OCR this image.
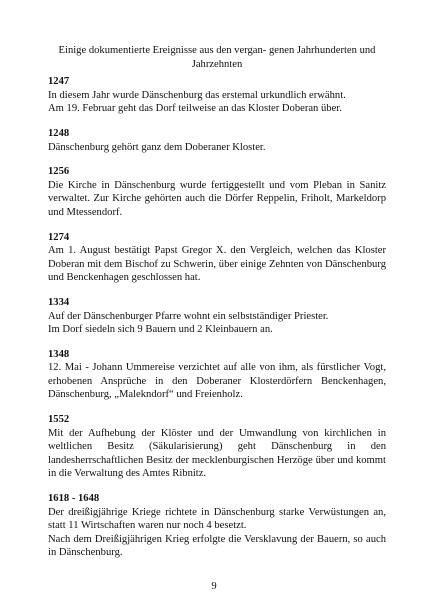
Einige dokumentierte Ereignisse aus den vergan- genen Jahrhunderten und Jahrzehnten
1247
In diesem Jahr wurde Dänschenburg das erstemal urkundlich erwähnt.
Am 19. Februar geht das Dorf teilweise an das Kloster Doberan über.
1248
Dänschenburg gehört ganz dem Doberaner Kloster.
1256
Die Kirche in Dänschenburg wurde fertiggestellt und vom Pleban in Sanitz verwaltet. Zur Kirche gehörten auch die Dörfer Reppelin, Friholt, Markeldorp und Mtessendorf.
1274
Am 1. August bestätigt Papst Gregor X. den Vergleich, welchen das Kloster Doberan mit dem Bischof zu Schwerin, über einige Zehnten von Dänschenburg und Benckenhagen geschlossen hat.
1334
Auf der Dänschenburger Pfarre wohnt ein selbstständiger Priester.
Im Dorf siedeln sich 9 Bauern und 2 Kleinbauern an.
1348
12. Mai - Johann Ummereise verzichtet auf alle von ihm, als fürstlicher Vogt, erhobenen Ansprüche in den Doberaner Klosterdörfern Benckenhagen, Dänschenburg, „Malekndorf“ und Freienholz.
1552
Mit der Aufhebung der Klöster und der Umwandlung von kirchlichen in weltlichen Besitz (Säkularisierung) geht Dänschenburg in den landesherrschaftlichen Besitz der mecklenburgischen Herzöge über und kommt in die Verwaltung des Amtes Ribnitz.
1618 - 1648
Der dreißigjährige Kriege richtete in Dänschenburg starke Verwüstungen an, statt 11 Wirtschaften waren nur noch 4 besetzt.
Nach dem Dreißigjährigen Krieg erfolgte die Versklavung der Bauern, so auch in Dänschenburg.
9
